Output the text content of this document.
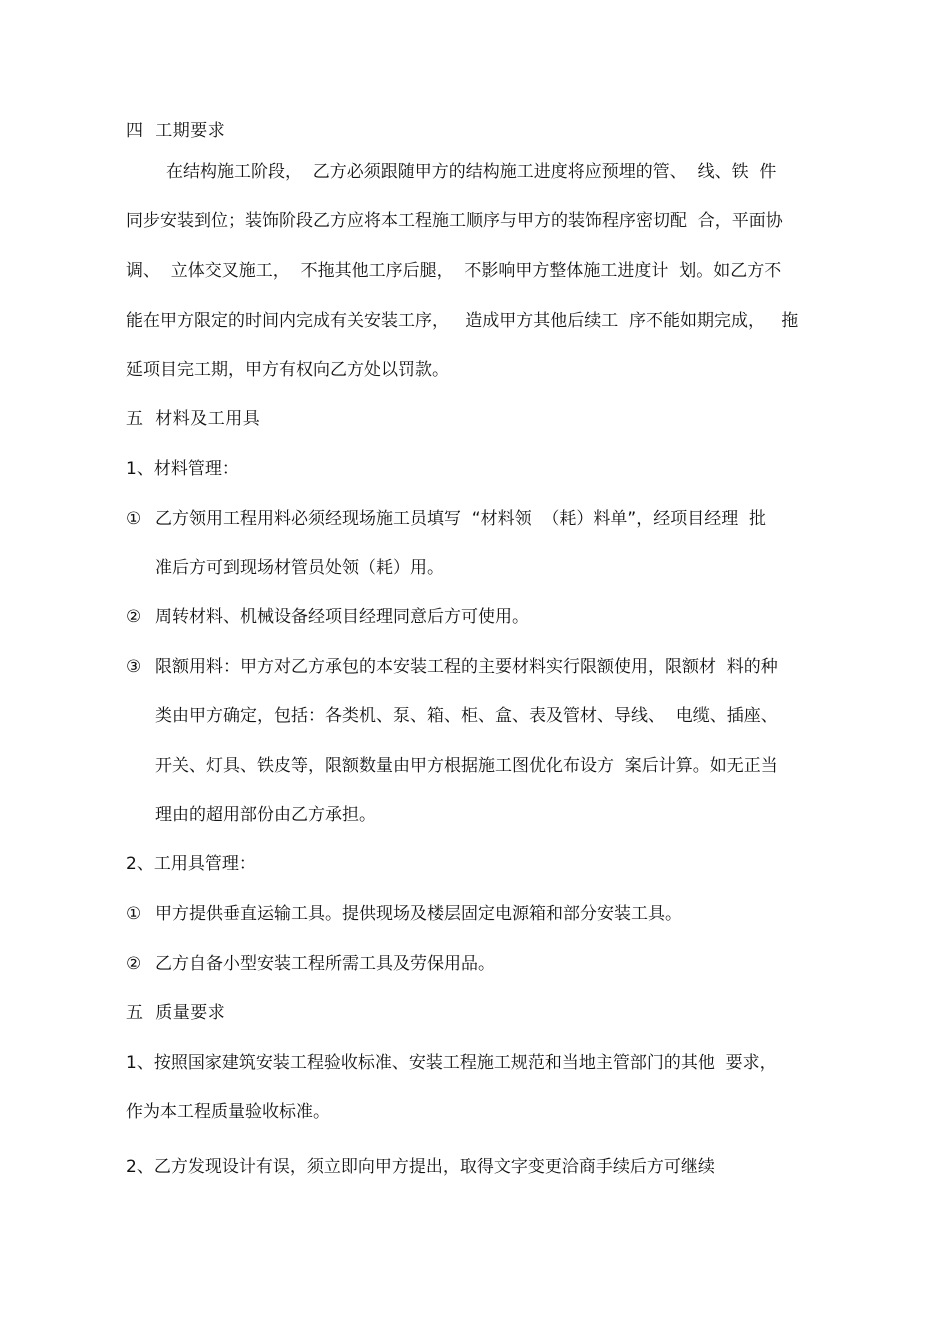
四  工期要求
在结构施工阶段，  乙方必须跟随甲方的结构施工进度将应预埋的管、  线、铁  件
同步安装到位；装饰阶段乙方应将本工程施工顺序与甲方的装饰程序密切配  合，平面协
调、  立体交叉施工，  不拖其他工序后腿，  不影响甲方整体施工进度计  划。如乙方不
能在甲方限定的时间内完成有关安装工序，   造成甲方其他后续工  序不能如期完成，   拖
延项目完工期，甲方有权向乙方处以罚款。
五  材料及工用具
1、材料管理：
① 乙方领用工程用料必须经现场施工员填写  “材料领  （耗）料单”，经项目经理  批
准后方可到现场材管员处领（耗）用。
② 周转材料、机械设备经项目经理同意后方可使用。
③ 限额用料：甲方对乙方承包的本安装工程的主要材料实行限额使用，限额材  料的种
类由甲方确定，包括：各类机、泵、箱、柜、盒、表及管材、导线、  电缆、插座、
开关、灯具、铁皮等，限额数量由甲方根据施工图优化布设方  案后计算。如无正当
理由的超用部份由乙方承担。
2、工用具管理：
① 甲方提供垂直运输工具。提供现场及楼层固定电源箱和部分安装工具。
② 乙方自备小型安装工程所需工具及劳保用品。
五  质量要求
1、按照国家建筑安装工程验收标准、安装工程施工规范和当地主管部门的其他  要求，
作为本工程质量验收标准。
2、乙方发现设计有误，须立即向甲方提出，取得文字变更洽商手续后方可继续
